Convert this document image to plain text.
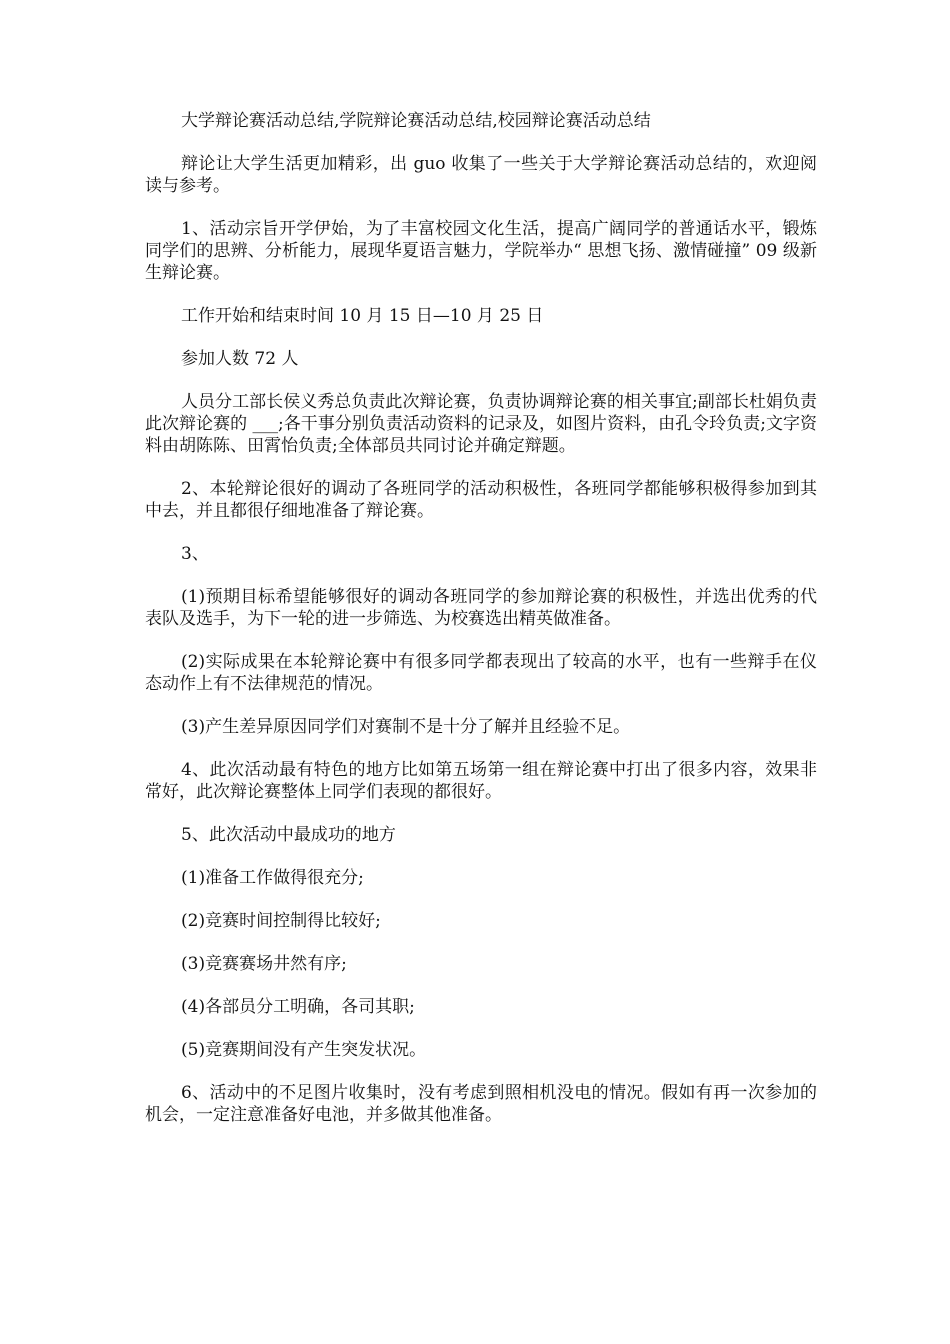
大学辩论赛活动总结,学院辩论赛活动总结,校园辩论赛活动总结

辩论让大学生活更加精彩，出 guo 收集了一些关于大学辩论赛活动总结的，欢迎阅读与参考。

1、活动宗旨开学伊始，为了丰富校园文化生活，提高广阔同学的普通话水平，锻炼同学们的思辨、分析能力，展现华夏语言魅力，学院举办“ 思想飞扬、激情碰撞” 09 级新生辩论赛。

工作开始和结束时间 10 月 15 日—10 月 25 日

参加人数 72 人

人员分工部长侯义秀总负责此次辩论赛，负责协调辩论赛的相关事宜;副部长杜娟负责此次辩论赛的 ___;各干事分别负责活动资料的记录及，如图片资料，由孔令玲负责;文字资料由胡陈陈、田霄怡负责;全体部员共同讨论并确定辩题。

2、本轮辩论很好的调动了各班同学的活动积极性，各班同学都能够积极得参加到其中去，并且都很仔细地准备了辩论赛。

3、

(1)预期目标希望能够很好的调动各班同学的参加辩论赛的积极性，并选出优秀的代表队及选手，为下一轮的进一步筛选、为校赛选出精英做准备。

(2)实际成果在本轮辩论赛中有很多同学都表现出了较高的水平，也有一些辩手在仪态动作上有不法律规范的情况。

(3)产生差异原因同学们对赛制不是十分了解并且经验不足。

4、此次活动最有特色的地方比如第五场第一组在辩论赛中打出了很多内容，效果非常好，此次辩论赛整体上同学们表现的都很好。

5、此次活动中最成功的地方

(1)准备工作做得很充分;

(2)竞赛时间控制得比较好;

(3)竞赛赛场井然有序;

(4)各部员分工明确，各司其职;

(5)竞赛期间没有产生突发状况。

6、活动中的不足图片收集时，没有考虑到照相机没电的情况。假如有再一次参加的机会，一定注意准备好电池，并多做其他准备。
